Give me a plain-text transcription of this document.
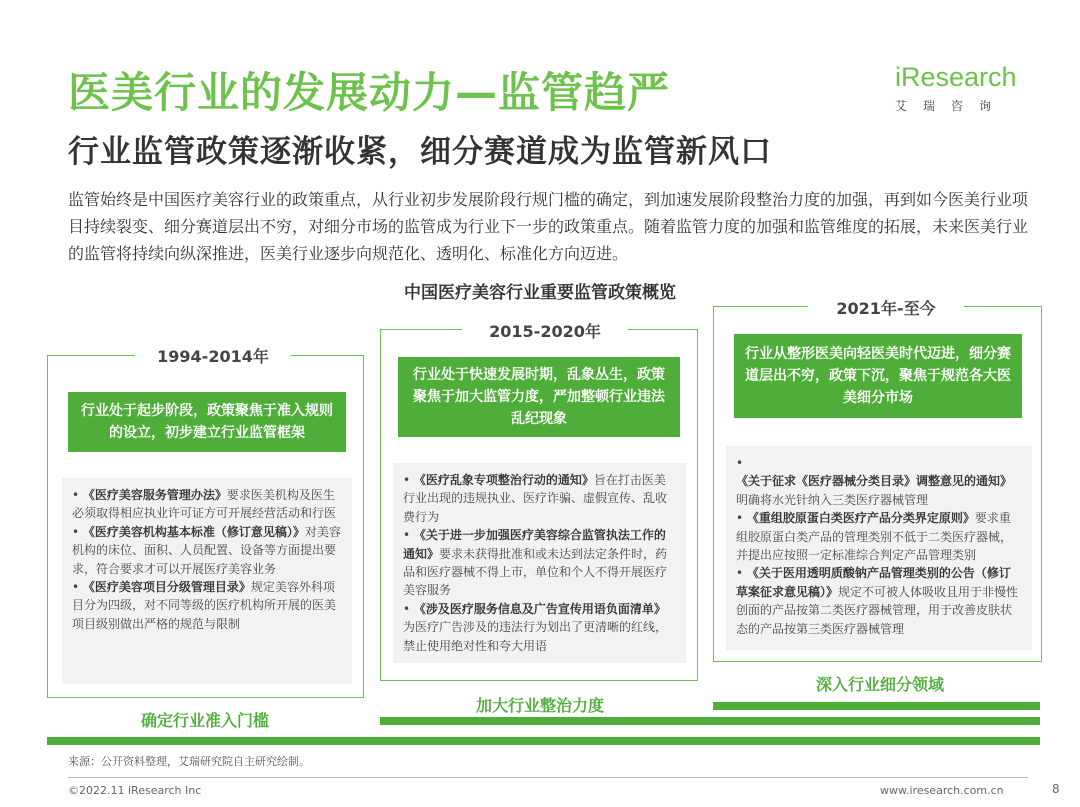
医美行业的发展动力—监管趋严
行业监管政策逐渐收紧，细分赛道成为监管新风口
iResearch
艾瑞咨询
监管始终是中国医疗美容行业的政策重点，从行业初步发展阶段行规门槛的确定，到加速发展阶段整治力度的加强，再到如今医美行业项目持续裂变、细分赛道层出不穷，对细分市场的监管成为行业下一步的政策重点。随着监管力度的加强和监管维度的拓展，未来医美行业的监管将持续向纵深推进，医美行业逐步向规范化、透明化、标准化方向迈进。
中国医疗美容行业重要监管政策概览
1994-2014年
行业处于起步阶段，政策聚焦于准入规则的设立，初步建立行业监管框架

• 《医疗美容服务管理办法》要求医美机构及医生必须取得相应执业许可证方可开展经营活动和行医

• 《医疗美容机构基本标准（修订意见稿）》对美容机构的床位、面积、人员配置、设备等方面提出要求，符合要求才可以开展医疗美容业务

• 《医疗美容项目分级管理目录》规定美容外科项目分为四级，对不同等级的医疗机构所开展的医美项目级别做出严格的规范与限制

2015-2020年
行业处于快速发展时期，乱象丛生，政策聚焦于加大监管力度，严加整顿行业违法乱纪现象

• 《医疗乱象专项整治行动的通知》旨在打击医美行业出现的违规执业、医疗诈骗、虚假宣传、乱收费行为

• 《关于进一步加强医疗美容综合监管执法工作的通知》要求未获得批准和或未达到法定条件时，药品和医疗器械不得上市，单位和个人不得开展医疗美容服务

• 《涉及医疗服务信息及广告宣传用语负面清单》为医疗广告涉及的违法行为划出了更清晰的红线，禁止使用绝对性和夸大用语

2021年-至今
行业从整形医美向轻医美时代迈进，细分赛道层出不穷，政策下沉，聚焦于规范各大医美细分市场

• 《关于征求《医疗器械分类目录》调整意见的通知》明确将水光针纳入三类医疗器械管理

• 《重组胶原蛋白类医疗产品分类界定原则》要求重组胶原蛋白类产品的管理类别不低于二类医疗器械，并提出应按照一定标准综合判定产品管理类别

• 《关于医用透明质酸钠产品管理类别的公告（修订草案征求意见稿）》规定不可被人体吸收且用于非慢性创面的产品按第二类医疗器械管理，用于改善皮肤状态的产品按第三类医疗器械管理

深入行业细分领域
加大行业整治力度
确定行业准入门槛
来源：公开资料整理，艾瑞研究院自主研究绘制。
©2022.11 iResearch Inc	www.iresearch.com.cn	8
